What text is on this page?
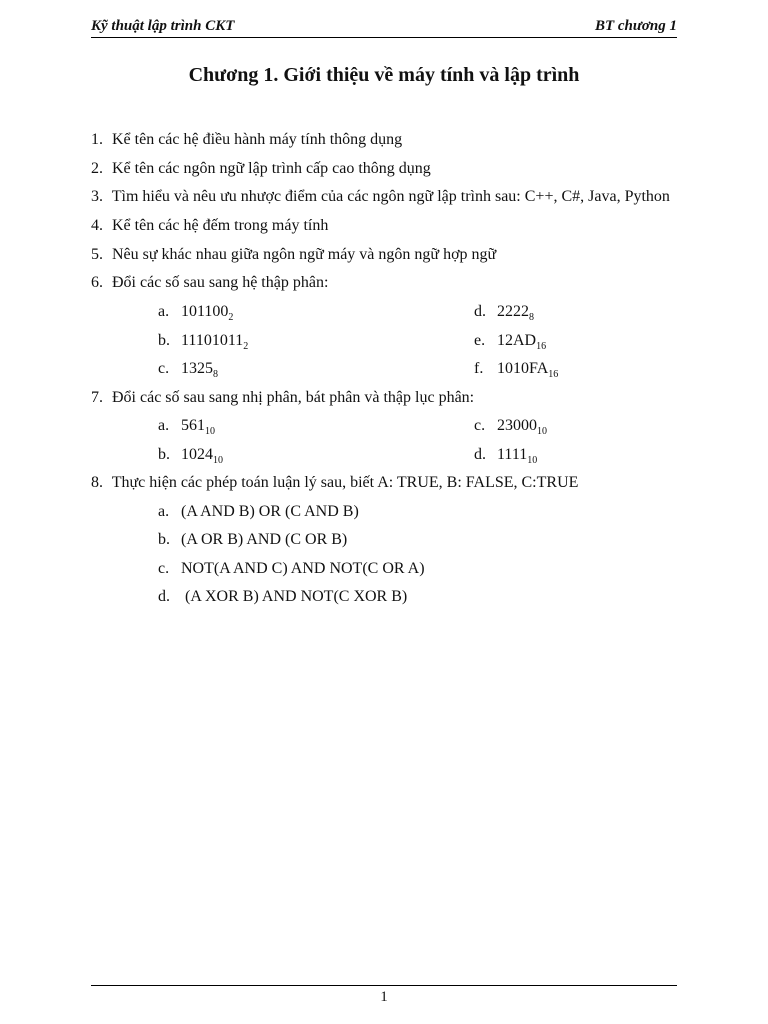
Kỹ thuật lập trình CKT	BT chương 1
Chương 1. Giới thiệu về máy tính và lập trình
1. Kể tên các hệ điều hành máy tính thông dụng
2. Kể tên các ngôn ngữ lập trình cấp cao thông dụng
3. Tìm hiểu và nêu ưu nhược điểm của các ngôn ngữ lập trình sau: C++, C#, Java, Python
4. Kể tên các hệ đếm trong máy tính
5. Nêu sự khác nhau giữa ngôn ngữ máy và ngôn ngữ hợp ngữ
6. Đổi các số sau sang hệ thập phân:
a. $101100_2$	d. $2222_8$
b. $11101011_2$	e. $12AD_{16}$
c. $1325_8$	f. $1010FA_{16}$
7. Đổi các số sau sang nhị phân, bát phân và thập lục phân:
a. $561_{10}$	c. $23000_{10}$
b. $1024_{10}$	d. $1111_{10}$
8. Thực hiện các phép toán luận lý sau, biết A: TRUE, B: FALSE, C:TRUE
a. (A AND B) OR (C AND B)
b. (A OR B) AND (C OR B)
c. NOT(A AND C) AND NOT(C OR A)
d. (A XOR B) AND NOT(C XOR B)
1
